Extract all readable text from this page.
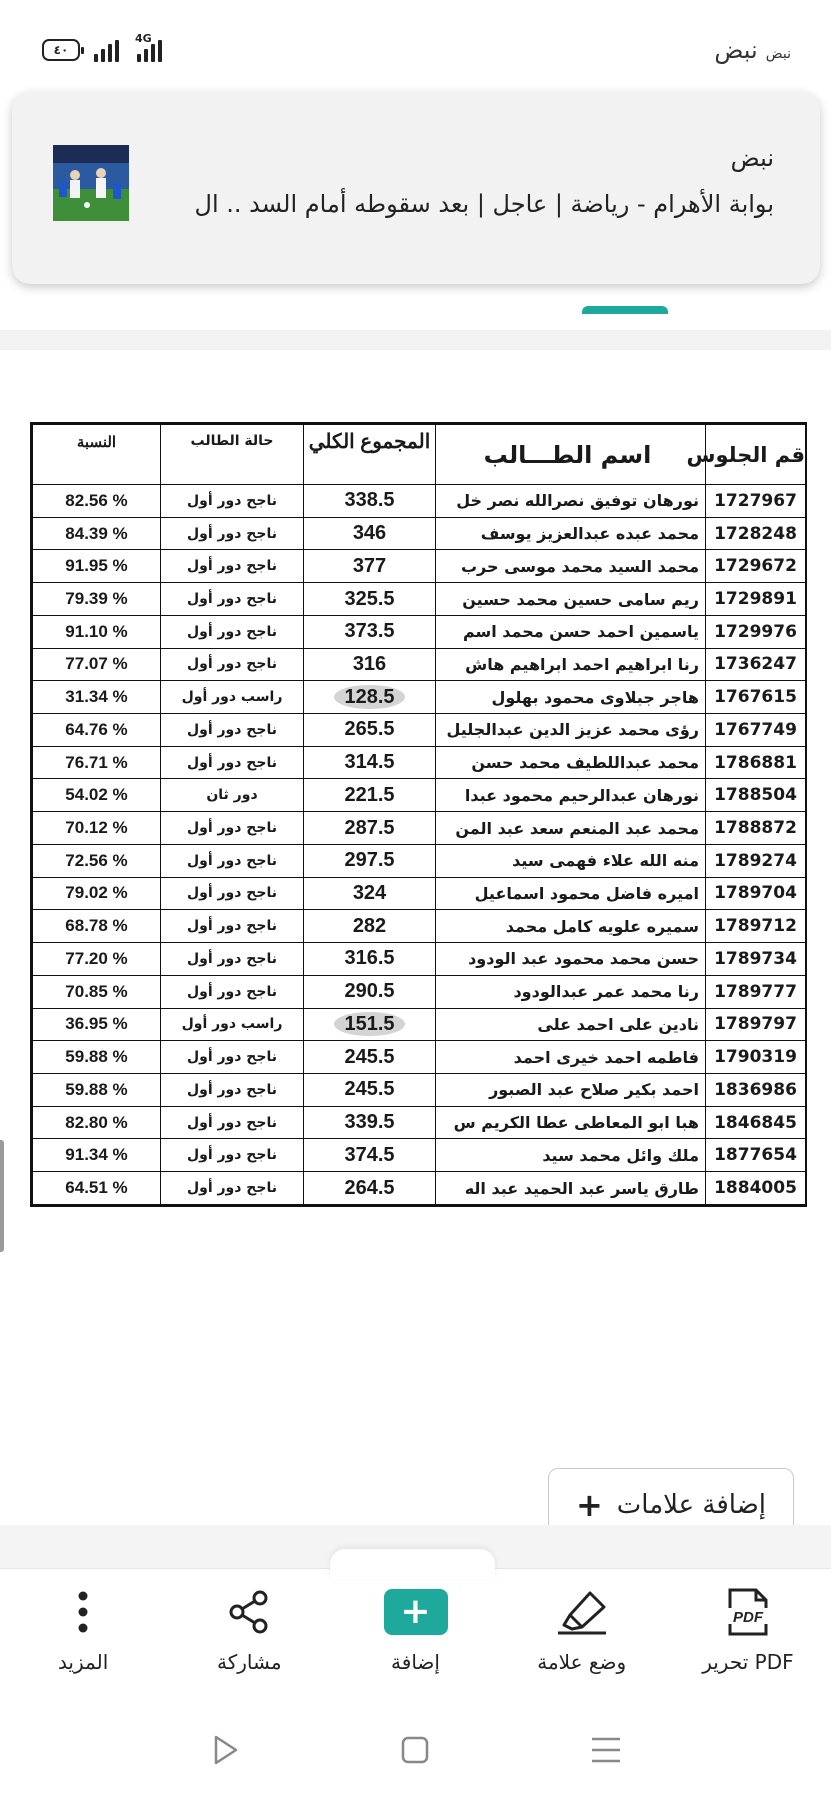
٤٠
4G
نبض
نبض
نبض
بوابة الأهرام - رياضة | عاجل | بعد سقوطه أمام السد .. ال
قم الجلوس	اسم الطـــالب	المجموع الكلي	حالة الطالب	النسبة
1727967	نورهان توفيق نصرالله نصر خل	338.5	ناجح دور أول	82.56 %
1728248	محمد عبده عبدالعزيز يوسف	346	ناجح دور أول	84.39 %
1729672	محمد السيد محمد موسى حرب	377	ناجح دور أول	91.95 %
1729891	ريم سامى حسين محمد حسين	325.5	ناجح دور أول	79.39 %
1729976	ياسمين احمد حسن محمد اسم	373.5	ناجح دور أول	91.10 %
1736247	رنا ابراهيم احمد ابراهيم هاش	316	ناجح دور أول	77.07 %
1767615	هاجر جبلاوى محمود بهلول	128.5	راسب دور أول	31.34 %
1767749	رؤى محمد عزيز الدين عبدالجليل	265.5	ناجح دور أول	64.76 %
1786881	محمد عبداللطيف محمد حسن	314.5	ناجح دور أول	76.71 %
1788504	نورهان عبدالرحيم محمود عبدا	221.5	دور ثان	54.02 %
1788872	محمد عبد المنعم سعد عبد المن	287.5	ناجح دور أول	70.12 %
1789274	منه الله علاء فهمى سيد	297.5	ناجح دور أول	72.56 %
1789704	اميره فاضل محمود اسماعيل	324	ناجح دور أول	79.02 %
1789712	سميره علويه كامل محمد	282	ناجح دور أول	68.78 %
1789734	حسن محمد محمود عبد الودود	316.5	ناجح دور أول	77.20 %
1789777	رنا محمد عمر عبدالودود	290.5	ناجح دور أول	70.85 %
1789797	نادين على احمد على	151.5	راسب دور أول	36.95 %
1790319	فاطمه احمد خيرى احمد	245.5	ناجح دور أول	59.88 %
1836986	احمد بكير صلاح عبد الصبور	245.5	ناجح دور أول	59.88 %
1846845	هبا ابو المعاطى عطا الكريم س	339.5	ناجح دور أول	82.80 %
1877654	ملك وائل محمد سيد	374.5	ناجح دور أول	91.34 %
1884005	طارق ياسر عبد الحميد عبد اله	264.5	ناجح دور أول	64.51 %
إضافة علامات
+
المزيد	مشاركة
+
إضافة	وضع علامة
PDF
تحرير PDF
